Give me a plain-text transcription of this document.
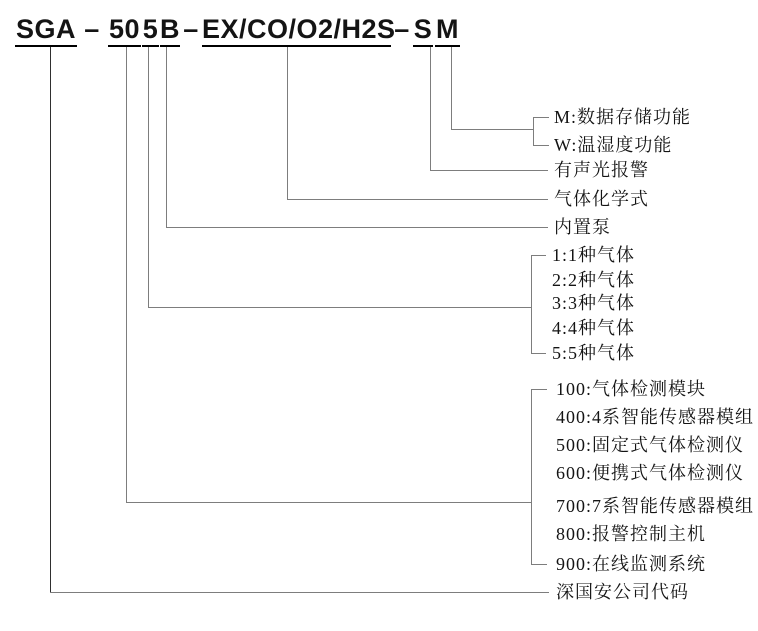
SGA – 50 5 B – EX/CO/O2/H2S
– S M
M:数据存储功能
W:温湿度功能
有声光报警
气体化学式
内置泵
1:1种气体
2:2种气体
3:3种气体
4:4种气体
5:5种气体
100:气体检测模块
400:4系智能传感器模组
500:固定式气体检测仪
600:便携式气体检测仪
700:7系智能传感器模组
800:报警控制主机
900:在线监测系统
深国安公司代码
